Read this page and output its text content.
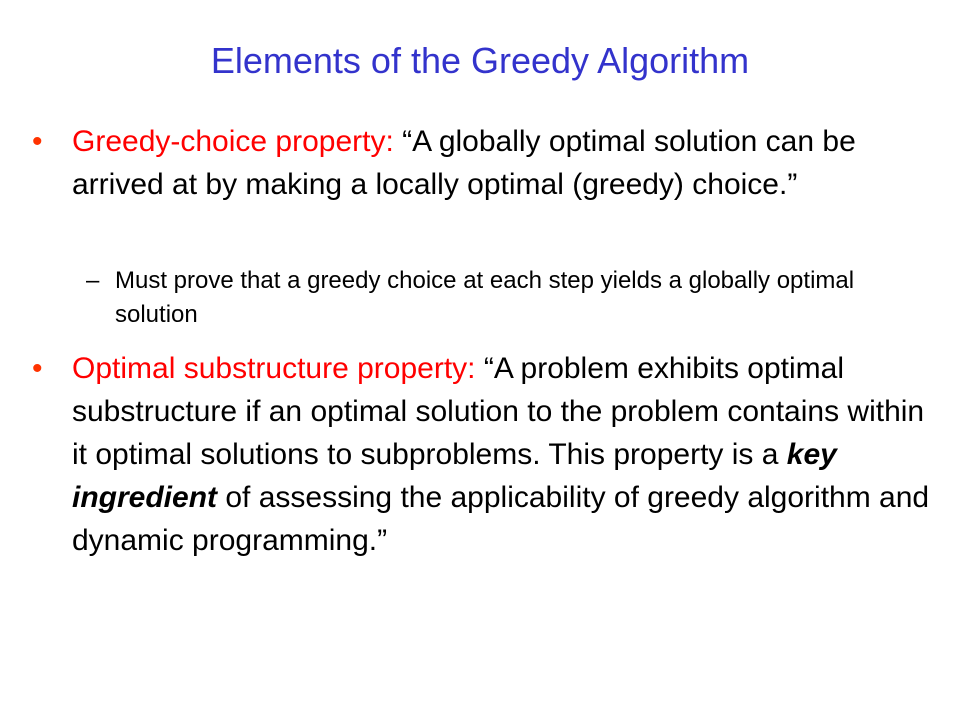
Elements of the Greedy Algorithm
• Greedy-choice property: “A globally optimal solution can be arrived at by making a locally optimal (greedy) choice.”
– Must prove that a greedy choice at each step yields a globally optimal solution
• Optimal substructure property: “A problem exhibits optimal substructure if an optimal solution to the problem contains within it optimal solutions to subproblems. This property is a key ingredient of assessing the applicability of greedy algorithm and dynamic programming.”
